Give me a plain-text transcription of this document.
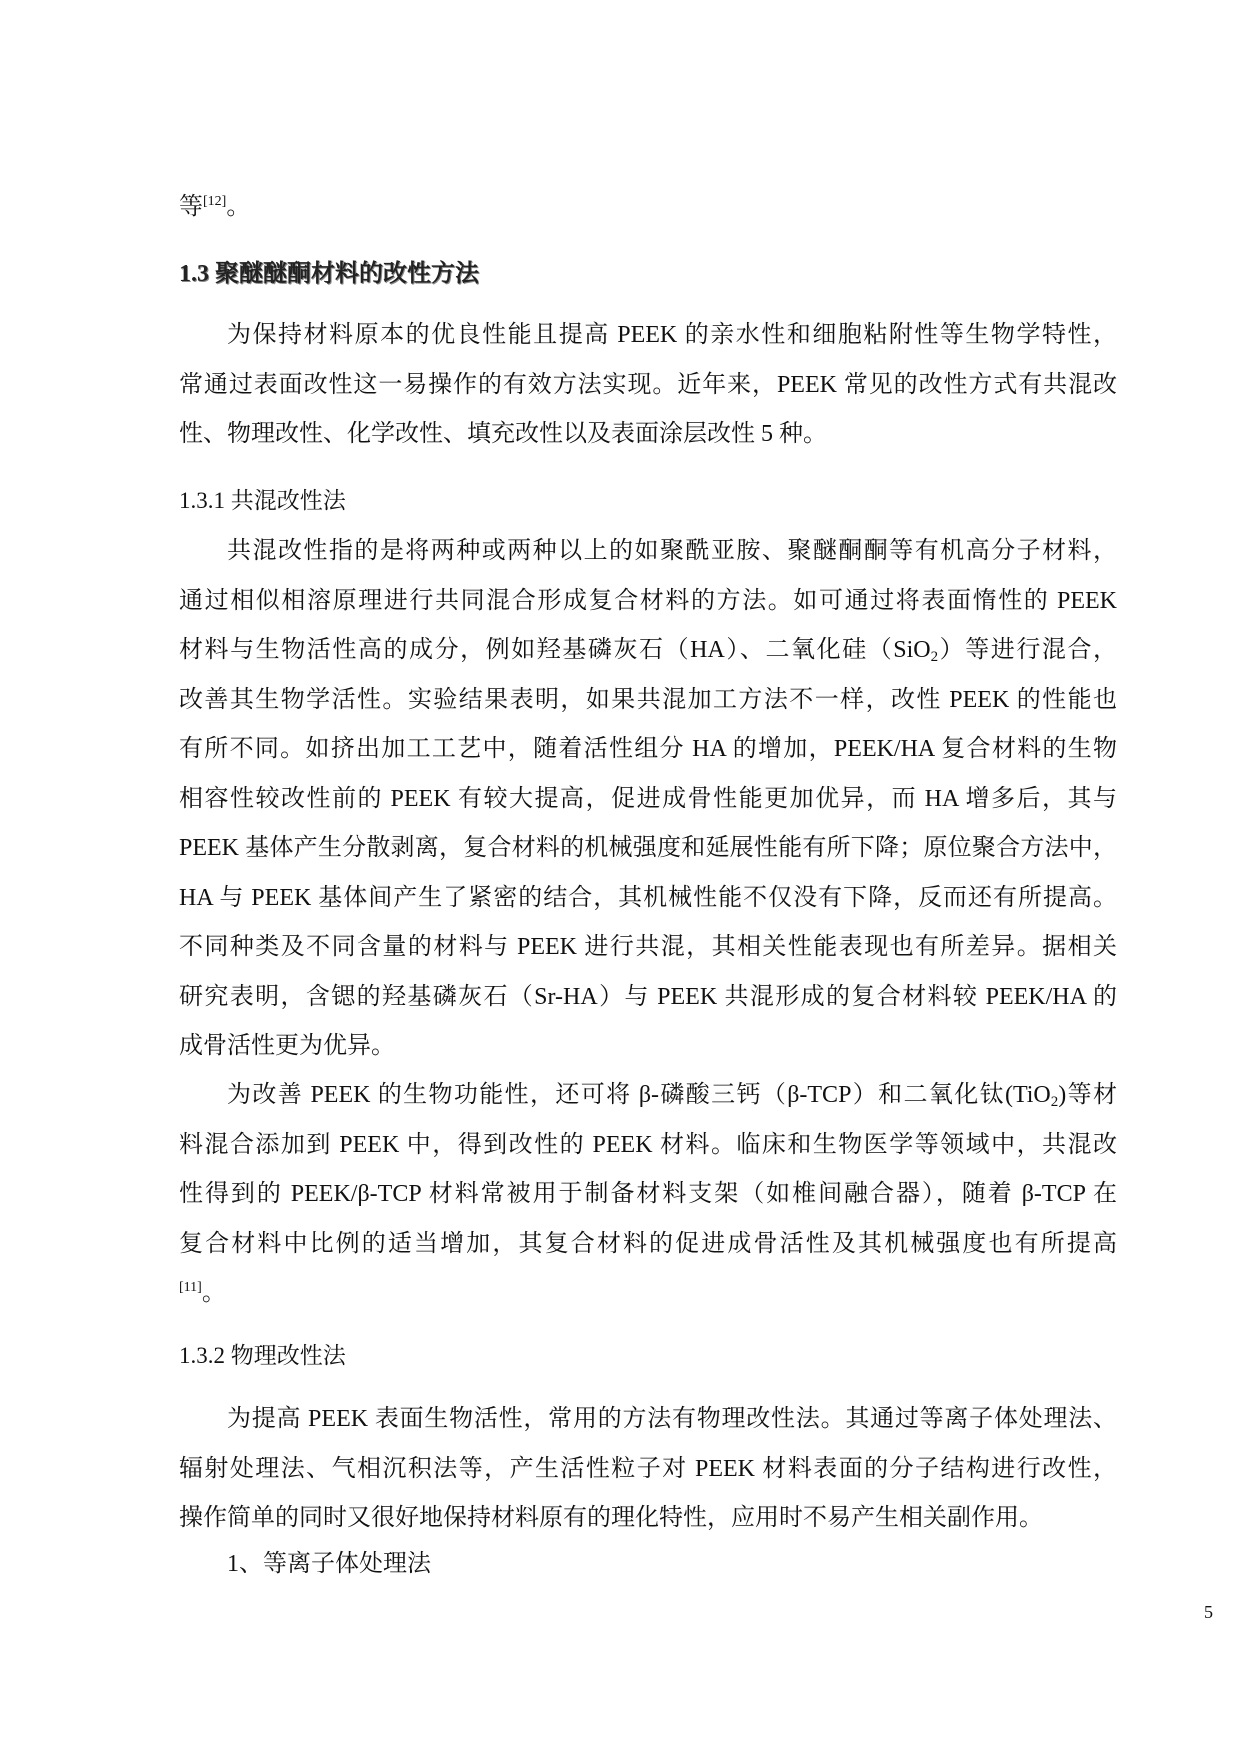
等[12]。
1.3 聚醚醚酮材料的改性方法
为保持材料原本的优良性能且提高 PEEK 的亲水性和细胞粘附性等生物学特性，
常通过表面改性这一易操作的有效方法实现。近年来，PEEK 常见的改性方式有共混改
性、物理改性、化学改性、填充改性以及表面涂层改性 5 种。
1.3.1 共混改性法
共混改性指的是将两种或两种以上的如聚酰亚胺、聚醚酮酮等有机高分子材料，
通过相似相溶原理进行共同混合形成复合材料的方法。如可通过将表面惰性的 PEEK
材料与生物活性高的成分，例如羟基磷灰石（HA）、二氧化硅（SiO$_2$）等进行混合，
改善其生物学活性。实验结果表明，如果共混加工方法不一样，改性 PEEK 的性能也
有所不同。如挤出加工工艺中，随着活性组分 HA 的增加，PEEK/HA 复合材料的生物
相容性较改性前的 PEEK 有较大提高，促进成骨性能更加优异，而 HA 增多后，其与
PEEK 基体产生分散剥离，复合材料的机械强度和延展性能有所下降；原位聚合方法中，
HA 与 PEEK 基体间产生了紧密的结合，其机械性能不仅没有下降，反而还有所提高。
不同种类及不同含量的材料与 PEEK 进行共混，其相关性能表现也有所差异。据相关
研究表明，含锶的羟基磷灰石（Sr-HA）与 PEEK 共混形成的复合材料较 PEEK/HA 的
成骨活性更为优异。
为改善 PEEK 的生物功能性，还可将 β-磷酸三钙（β-TCP）和二氧化钛(TiO$_2$)等材
料混合添加到 PEEK 中，得到改性的 PEEK 材料。临床和生物医学等领域中，共混改
性得到的 PEEK/β-TCP 材料常被用于制备材料支架（如椎间融合器），随着 β-TCP 在
复合材料中比例的适当增加，其复合材料的促进成骨活性及其机械强度也有所提高
[11]。
1.3.2 物理改性法
为提高 PEEK 表面生物活性，常用的方法有物理改性法。其通过等离子体处理法、
辐射处理法、气相沉积法等，产生活性粒子对 PEEK 材料表面的分子结构进行改性，
操作简单的同时又很好地保持材料原有的理化特性，应用时不易产生相关副作用。
1、等离子体处理法
5
